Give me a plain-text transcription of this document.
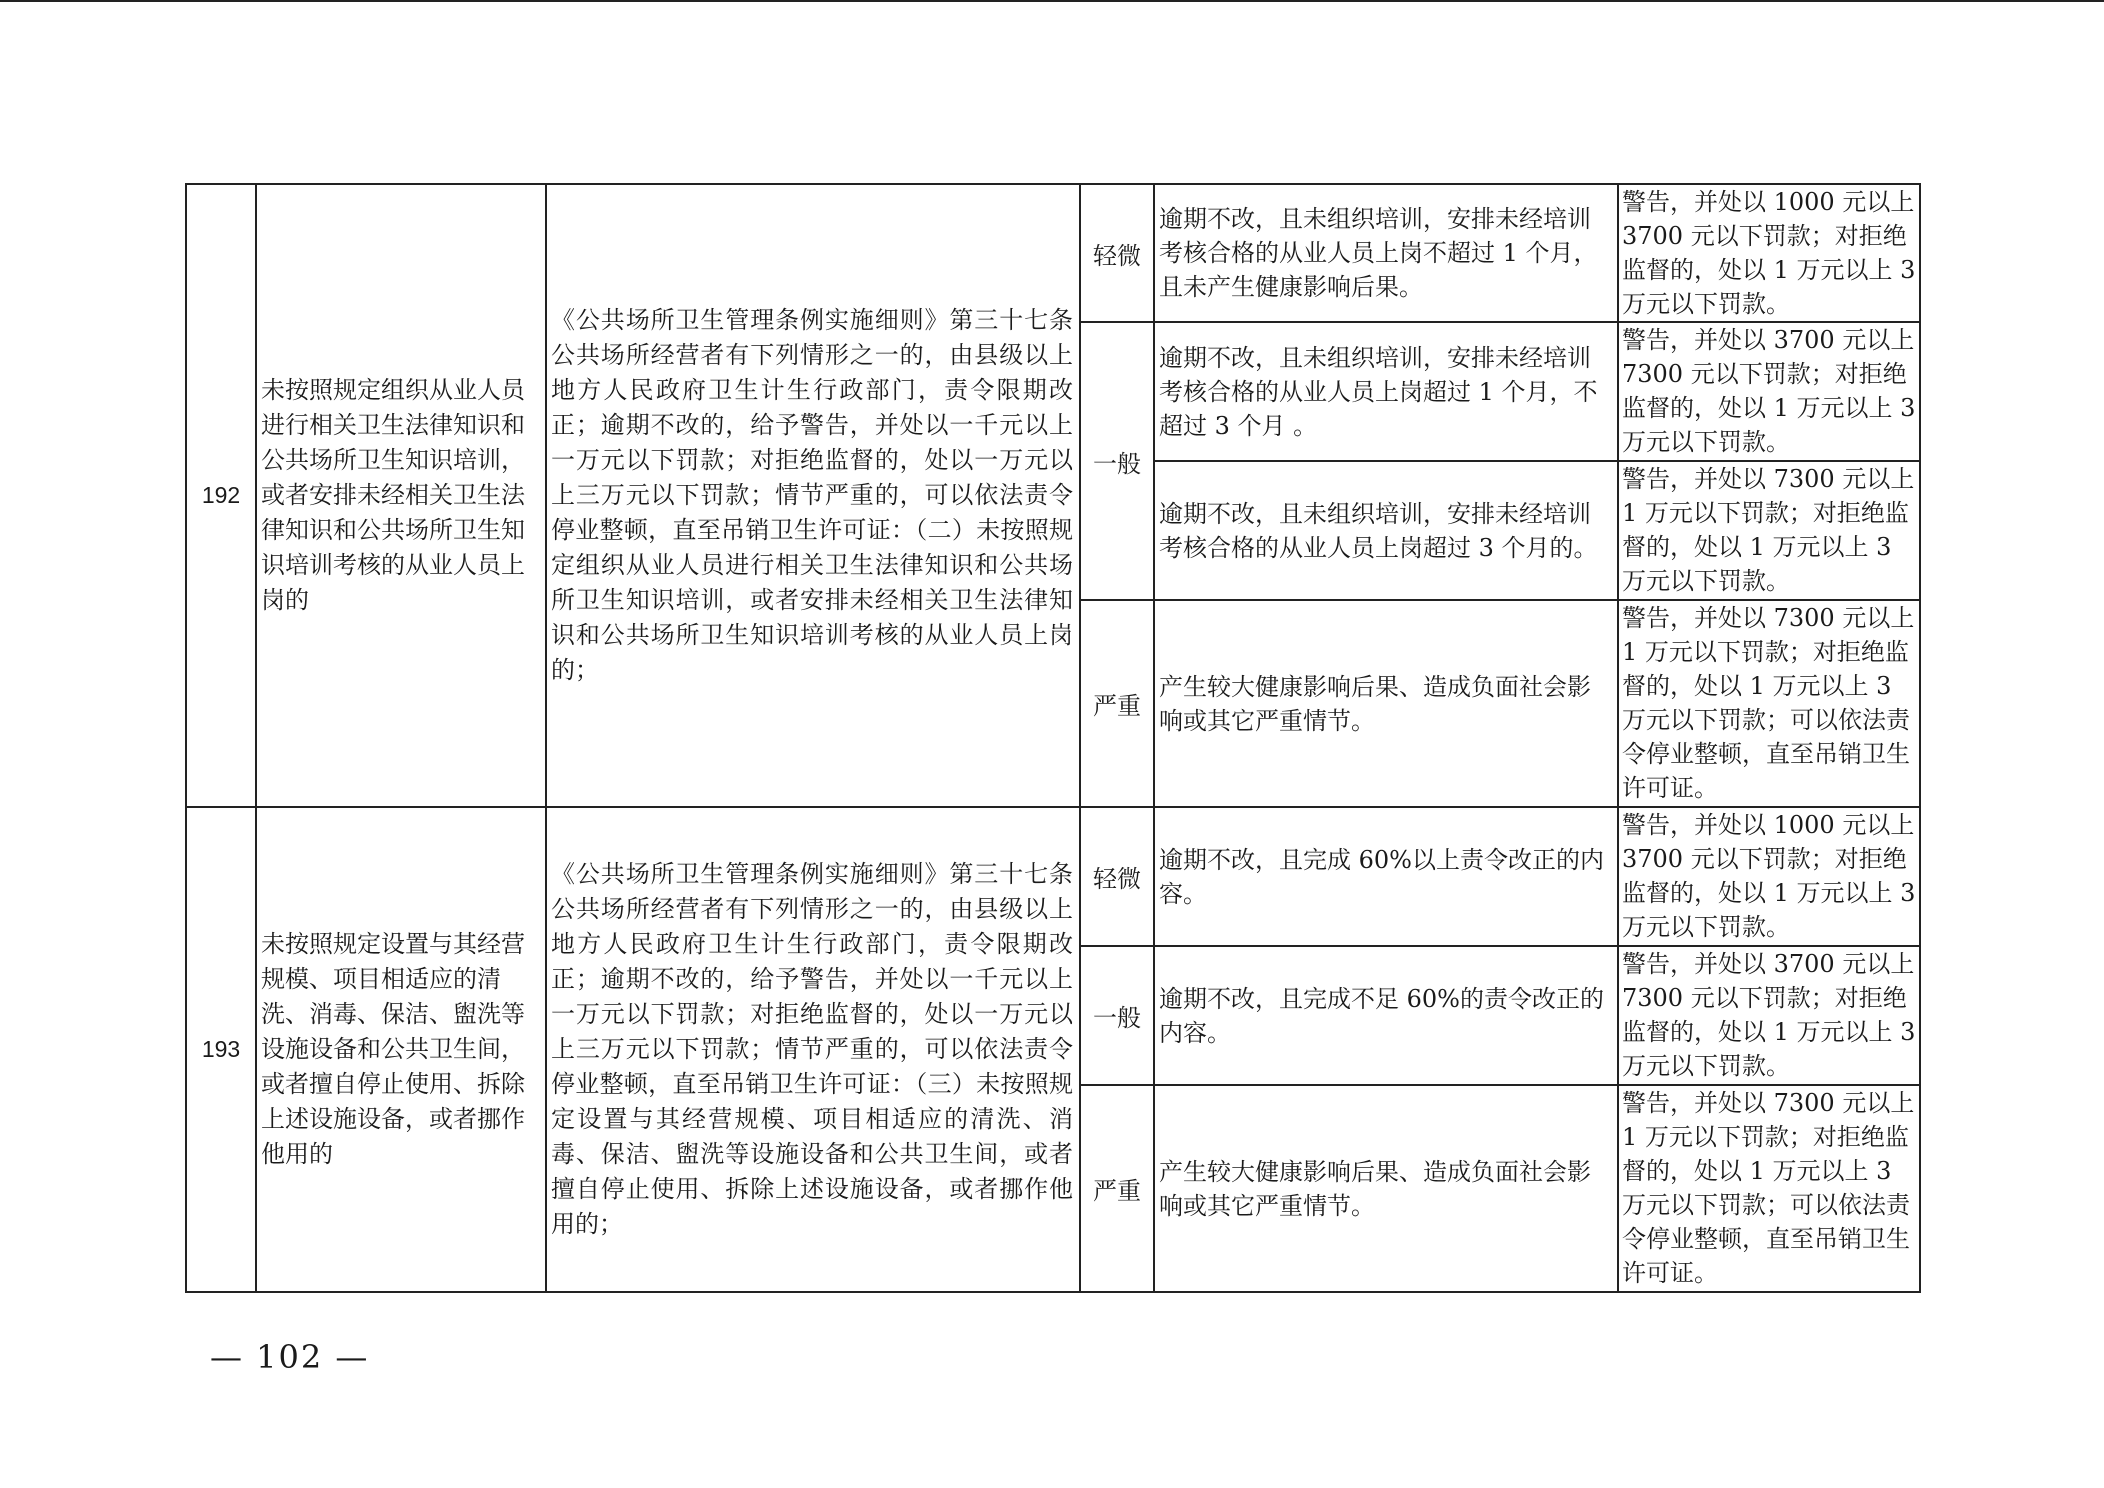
192	未按照规定组织从业人员进行相关卫生法律知识和公共场所卫生知识培训，或者安排未经相关卫生法律知识和公共场所卫生知识培训考核的从业人员上岗的	《公共场所卫生管理条例实施细则》第三十七条　公共场所经营者有下列情形之一的，由县级以上地方人民政府卫生计生行政部门，责令限期改正；逾期不改的，给予警告，并处以一千元以上一万元以下罚款；对拒绝监督的，处以一万元以上三万元以下罚款；情节严重的，可以依法责令停业整顿，直至吊销卫生许可证：（二）未按照规定组织从业人员进行相关卫生法律知识和公共场所卫生知识培训，或者安排未经相关卫生法律知识和公共场所卫生知识培训考核的从业人员上岗的；	轻微	逾期不改，且未组织培训，安排未经培训考核合格的从业人员上岗不超过 1 个月，且未产生健康影响后果。	警告，并处以 1000 元以上 3700 元以下罚款；对拒绝监督的，处以 1 万元以上 3 万元以下罚款。
			一般	逾期不改，且未组织培训，安排未经培训考核合格的从业人员上岗超过 1 个月，不超过 3 个月 。	警告，并处以 3700 元以上 7300 元以下罚款；对拒绝监督的，处以 1 万元以上 3 万元以下罚款。
				逾期不改，且未组织培训，安排未经培训考核合格的从业人员上岗超过 3 个月的。	警告，并处以 7300 元以上 1 万元以下罚款；对拒绝监督的，处以 1 万元以上 3 万元以下罚款。
			严重	产生较大健康影响后果、造成负面社会影响或其它严重情节。	警告，并处以 7300 元以上 1 万元以下罚款；对拒绝监督的，处以 1 万元以上 3 万元以下罚款；可以依法责令停业整顿，直至吊销卫生许可证。
193	未按照规定设置与其经营规模、项目相适应的清洗、消毒、保洁、盥洗等设施设备和公共卫生间，或者擅自停止使用、拆除上述设施设备，或者挪作他用的	《公共场所卫生管理条例实施细则》第三十七条　公共场所经营者有下列情形之一的，由县级以上地方人民政府卫生计生行政部门，责令限期改正；逾期不改的，给予警告，并处以一千元以上一万元以下罚款；对拒绝监督的，处以一万元以上三万元以下罚款；情节严重的，可以依法责令停业整顿，直至吊销卫生许可证：（三）未按照规定设置与其经营规模、项目相适应的清洗、消毒、保洁、盥洗等设施设备和公共卫生间，或者擅自停止使用、拆除上述设施设备，或者挪作他用的；	轻微	逾期不改，且完成 60%以上责令改正的内容。	警告，并处以 1000 元以上 3700 元以下罚款；对拒绝监督的，处以 1 万元以上 3 万元以下罚款。
			一般	逾期不改，且完成不足 60%的责令改正的内容。	警告，并处以 3700 元以上 7300 元以下罚款；对拒绝监督的，处以 1 万元以上 3 万元以下罚款。
			严重	产生较大健康影响后果、造成负面社会影响或其它严重情节。	警告，并处以 7300 元以上 1 万元以下罚款；对拒绝监督的，处以 1 万元以上 3 万元以下罚款；可以依法责令停业整顿，直至吊销卫生许可证。
— 102 —
